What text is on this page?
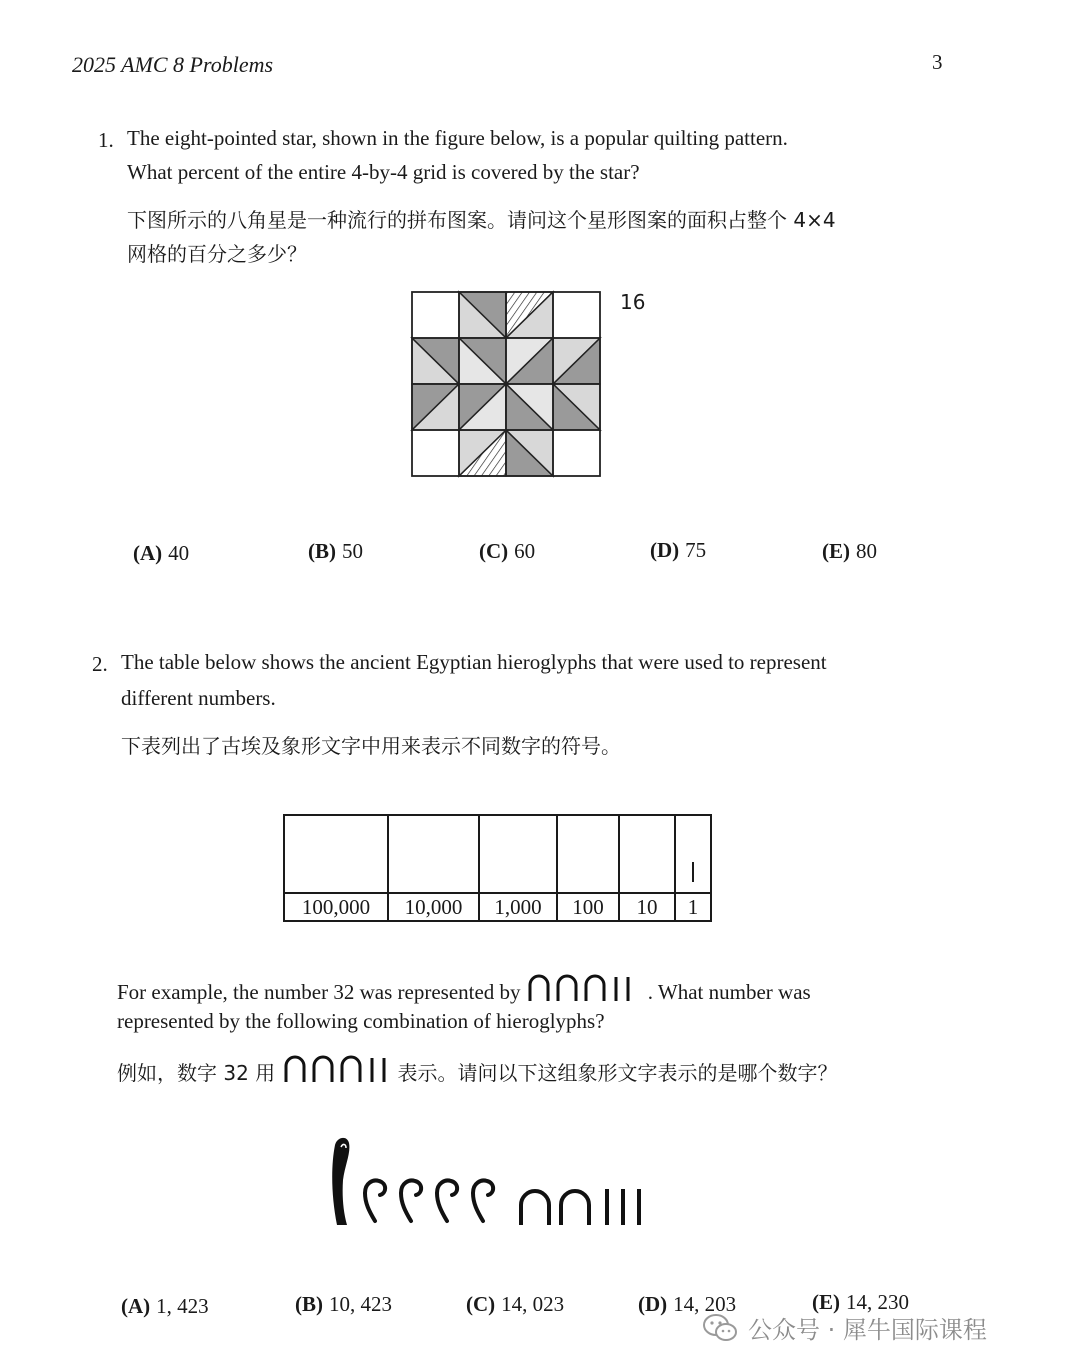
2025 AMC 8 Problems	3
1. The eight-pointed star, shown in the figure below, is a popular quilting pattern.
What percent of the entire 4-by-4 grid is covered by the star?
下图所示的八角星是一种流行的拼布图案。请问这个星形图案的面积占整个 4×4
网格的百分之多少？
16
(A) 40	(B) 50	(C) 60	(D) 75	(E) 80
2. The table below shows the ancient Egyptian hieroglyphs that were used to represent
different numbers.
下表列出了古埃及象形文字中用来表示不同数字的符号。

100,000	10,000	1,000	100	10	1
For example, the number 32 was represented by	. What number was
represented by the following combination of hieroglyphs?
例如，数字 32 用	表示。请问以下这组象形文字表示的是哪个数字？
(A) 1, 423	(B) 10, 423	(C) 14, 023	(D) 14, 203	(E) 14, 230
公众号 · 犀牛国际课程
